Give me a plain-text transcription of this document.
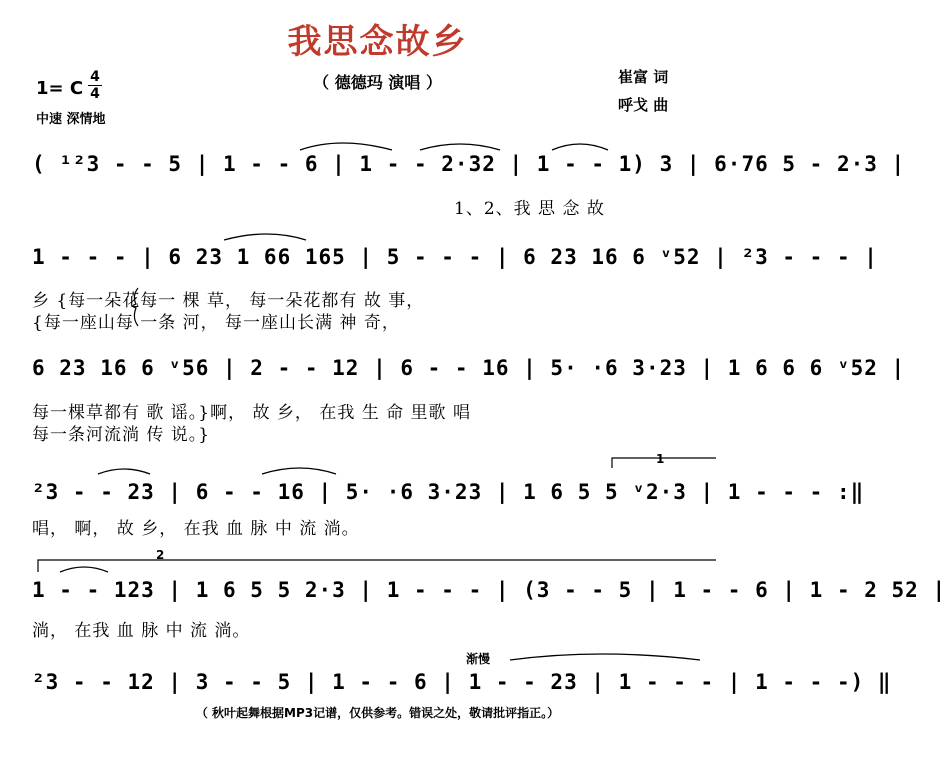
我思念故乡
（ 德德玛 演唱 ）	崔富 词
呼戈 曲
1= C
4
4
中速 深情地
( ¹²3 - - 5 | 1 - - 6 | 1 - - 2·32 | 1 - - 1) 3 | 6·76 5 - 2·3 |
1、2、我 思 念 故
1 - - - | 6 23 1 66 165 | 5 - - - | 6 23 16 6 ᵛ52 | ²3 - - - |
乡 {每一朵花每一 棵 草， 每一朵花都有 故 事，
{每一座山每 一条 河， 每一座山长满 神 奇，
6 23 16 6 ᵛ56 | 2 - - 12 | 6 - - 16 | 5· ·6 3·23 | 1 6 6 6 ᵛ52 |
每一棵草都有 歌 谣。}啊， 故 乡， 在我 生 命 里歌 唱
每一条河流淌 传 说。}
1
²3 - - 23 | 6 - - 16 | 5· ·6 3·23 | 1 6 5 5 ᵛ2·3 | 1 - - - :‖
唱， 啊， 故 乡， 在我 血 脉 中 流 淌。
2
1 - - 123 | 1 6 5 5 2·3 | 1 - - - | (3 - - 5 | 1 - - 6 | 1 - 2 52 |
淌， 在我 血 脉 中 流 淌。
渐慢
²3 - - 12 | 3 - - 5 | 1 - - 6 | 1 - - 23 | 1 - - - | 1 - - -) ‖
（ 秋叶起舞根据MP3记谱，仅供参考。错误之处，敬请批评指正。）
